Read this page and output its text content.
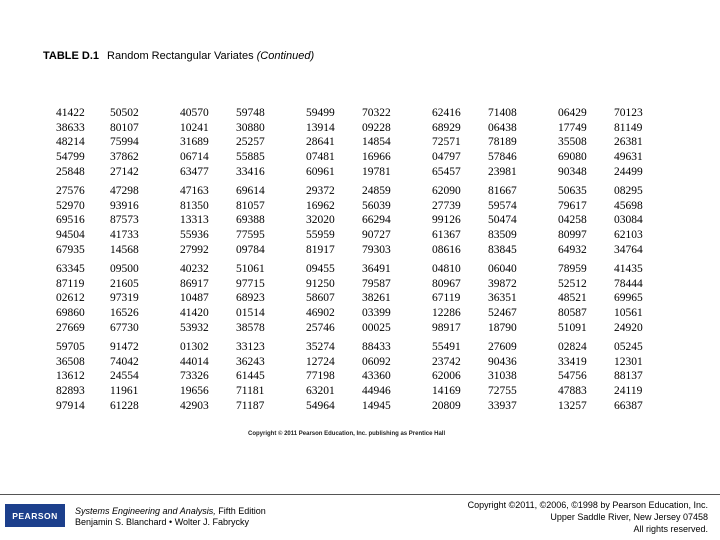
TABLE D.1 Random Rectangular Variates (Continued)
41422 50502	40570 59748	59499 70322	62416 71408	06429 70123
38633 80107	10241 30880	13914 09228	68929 06438	17749 81149
48214 75994	31689 25257	28641 14854	72571 78189	35508 26381
54799 37862	06714 55885	07481 16966	04797 57846	69080 49631
25848 27142	63477 33416	60961 19781	65457 23981	90348 24499
27576 47298	47163 69614	29372 24859	62090 81667	50635 08295
52970 93916	81350 81057	16962 56039	27739 59574	79617 45698
69516 87573	13313 69388	32020 66294	99126 50474	04258 03084
94504 41733	55936 77595	55959 90727	61367 83509	80997 62103
67935 14568	27992 09784	81917 79303	08616 83845	64932 34764
63345 09500	40232 51061	09455 36491	04810 06040	78959 41435
87119 21605	86917 97715	91250 79587	80967 39872	52512 78444
02612 97319	10487 68923	58607 38261	67119 36351	48521 69965
69860 16526	41420 01514	46902 03399	12286 52467	80587 10561
27669 67730	53932 38578	25746 00025	98917 18790	51091 24920
59705 91472	01302 33123	35274 88433	55491 27609	02824 05245
36508 74042	44014 36243	12724 06092	23742 90436	33419 12301
13612 24554	73326 61445	77198 43360	62006 31038	54756 88137
82893 11961	19656 71181	63201 44946	14169 72755	47883 24119
97914 61228	42903 71187	54964 14945	20809 33937	13257 66387
Copyright © 2011 Pearson Education, Inc. publishing as Prentice Hall
PEARSON	Systems Engineering and Analysis, Fifth Edition
Benjamin S. Blanchard • Wolter J. Fabrycky
Copyright ©2011, ©2006, ©1998 by Pearson Education, Inc.
Upper Saddle River, New Jersey 07458
All rights reserved.
